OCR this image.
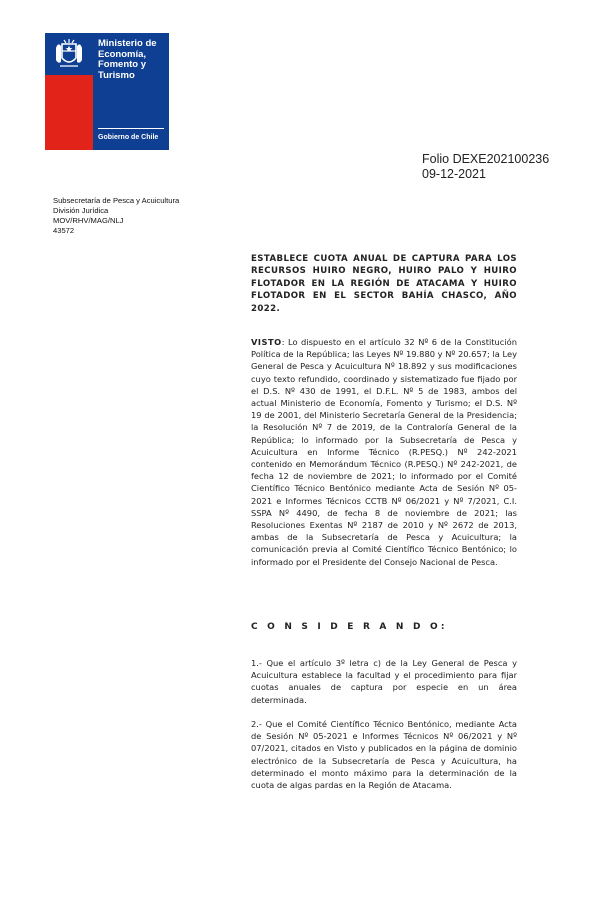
Ministerio de
Economía,
Fomento y
Turismo
Gobierno de Chile
Folio DEXE202100236
09-12-2021
Subsecretaría de Pesca y Acuicultura
División Jurídica
MOV/RHV/MAG/NLJ
43572
ESTABLECE CUOTA ANUAL DE CAPTURA PARA LOS RECURSOS HUIRO NEGRO, HUIRO PALO Y HUIRO FLOTADOR EN LA REGIÓN DE ATACAMA Y HUIRO FLOTADOR EN EL SECTOR BAHÍA CHASCO, AÑO 2022.
VISTO: Lo dispuesto en el artículo 32 Nº 6 de la Constitución Política de la República; las Leyes Nº 19.880 y Nº 20.657; la Ley General de Pesca y Acuicultura Nº 18.892 y sus modificaciones cuyo texto refundido, coordinado y sistematizado fue fijado por el D.S. Nº 430 de 1991, el D.F.L. Nº 5 de 1983, ambos del actual Ministerio de Economía, Fomento y Turismo; el D.S. Nº 19 de 2001, del Ministerio Secretaría General de la Presidencia; la Resolución Nº 7 de 2019, de la Contraloría General de la República; lo informado por la Subsecretaría de Pesca y Acuicultura en Informe Técnico (R.PESQ.) Nº 242-2021 contenido en Memorándum Técnico (R.PESQ.) Nº 242-2021, de fecha 12 de noviembre de 2021; lo informado por el Comité Científico Técnico Bentónico mediante Acta de Sesión Nº 05-2021 e Informes Técnicos CCTB Nº 06/2021 y Nº 7/2021, C.I. SSPA Nº 4490, de fecha 8 de noviembre de 2021; las Resoluciones Exentas Nº 2187 de 2010 y Nº 2672 de 2013, ambas de la Subsecretaría de Pesca y Acuicultura; la comunicación previa al Comité Científico Técnico Bentónico; lo informado por el Presidente del Consejo Nacional de Pesca.
C O N S I D E R A N D O:
1.- Que el artículo 3º letra c) de la Ley General de Pesca y Acuicultura establece la facultad y el procedimiento para fijar cuotas anuales de captura por especie en un área determinada.
2.- Que el Comité Científico Técnico Bentónico, mediante Acta de Sesión Nº 05-2021 e Informes Técnicos Nº 06/2021 y Nº 07/2021, citados en Visto y publicados en la página de dominio electrónico de la Subsecretaría de Pesca y Acuicultura, ha determinado el monto máximo para la determinación de la cuota de algas pardas en la Región de Atacama.
